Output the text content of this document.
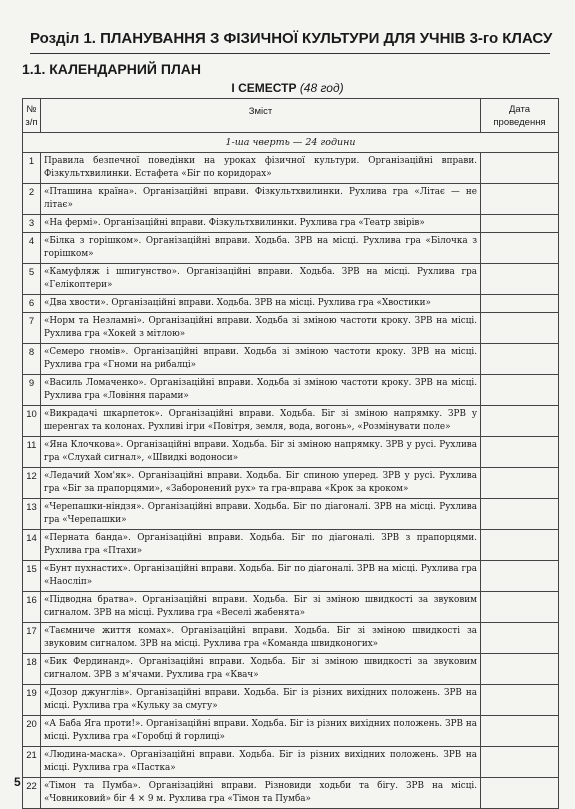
Розділ 1. ПЛАНУВАННЯ З ФІЗИЧНОЇ КУЛЬТУРИ ДЛЯ УЧНІВ 3-го КЛАСУ
1.1. КАЛЕНДАРНИЙ ПЛАН
І СЕМЕСТР (48 год)
№ з/п	Зміст	Дата проведення
1-ша чверть — 24 години		
1	Правила безпечної поведінки на уроках фізичної культури. Організаційні вправи. Фізкультхвилинки. Естафета «Біг по коридорах»	
2	«Пташина країна». Організаційні вправи. Фізкультхвилинки. Рухлива гра «Літає — не літає»	
3	«На фермі». Організаційні вправи. Фізкультхвилинки. Рухлива гра «Театр звірів»	
4	«Білка з горішком». Організаційні вправи. Ходьба. ЗРВ на місці. Рухлива гра «Білочка з горішком»	
5	«Камуфляж і шпигунство». Організаційні вправи. Ходьба. ЗРВ на місці. Рухлива гра «Гелікоптери»	
6	«Два хвости». Організаційні вправи. Ходьба. ЗРВ на місці. Рухлива гра «Хвостики»	
7	«Норм та Незламні». Організаційні вправи. Ходьба зі зміною частоти кроку. ЗРВ на місці. Рухлива гра «Хокей з мітлою»	
8	«Семеро гномів». Організаційні вправи. Ходьба зі зміною частоти кроку. ЗРВ на місці. Рухлива гра «Гноми на рибалці»	
9	«Василь Ломаченко». Організаційні вправи. Ходьба зі зміною частоти кроку. ЗРВ на місці. Рухлива гра «Ловіння парами»	
10	«Викрадачі шкарпеток». Організаційні вправи. Ходьба. Біг зі зміною напрямку. ЗРВ у шеренгах та колонах. Рухливі ігри «Повітря, земля, вода, вогонь», «Розмінувати поле»	
11	«Яна Клочкова». Організаційні вправи. Ходьба. Біг зі зміною напрямку. ЗРВ у русі. Рухлива гра «Слухай сигнал», «Швидкі водоноси»	
12	«Ледачий Хом'як». Організаційні вправи. Ходьба. Біг спиною уперед. ЗРВ у русі. Рухлива гра «Біг за прапорцями», «Заборонений рух» та гра-вправа «Крок за кроком»	
13	«Черепашки-ніндзя». Організаційні вправи. Ходьба. Біг по діагоналі. ЗРВ на місці. Рухлива гра «Черепашки»	
14	«Перната банда». Організаційні вправи. Ходьба. Біг по діагоналі. ЗРВ з прапорцями. Рухлива гра «Птахи»	
15	«Бунт пухнастих». Організаційні вправи. Ходьба. Біг по діагоналі. ЗРВ на місці. Рухлива гра «Наосліп»	
16	«Підводна братва». Організаційні вправи. Ходьба. Біг зі зміною швидкості за звуковим сигналом. ЗРВ на місці. Рухлива гра «Веселі жабенята»	
17	«Таємниче життя комах». Організаційні вправи. Ходьба. Біг зі зміною швидкості за звуковим сигналом. ЗРВ на місці. Рухлива гра «Команда швидконогих»	
18	«Бик Фердинанд». Організаційні вправи. Ходьба. Біг зі зміною швидкості за звуковим сигналом. ЗРВ з м'ячами. Рухлива гра «Квач»	
19	«Дозор джунглів». Організаційні вправи. Ходьба. Біг із різних вихідних положень. ЗРВ на місці. Рухлива гра «Кульку за смугу»	
20	«А Баба Яга проти!». Організаційні вправи. Ходьба. Біг із різних вихідних положень. ЗРВ на місці. Рухлива гра «Горобці й горлиці»	
21	«Людина-маска». Організаційні вправи. Ходьба. Біг із різних вихідних положень. ЗРВ на місці. Рухлива гра «Пастка»	
22	«Тімон та Пумба». Організаційні вправи. Різновиди ходьби та бігу. ЗРВ на місці. «Човниковий» біг 4 × 9 м. Рухлива гра «Тімон та Пумба»	
5
